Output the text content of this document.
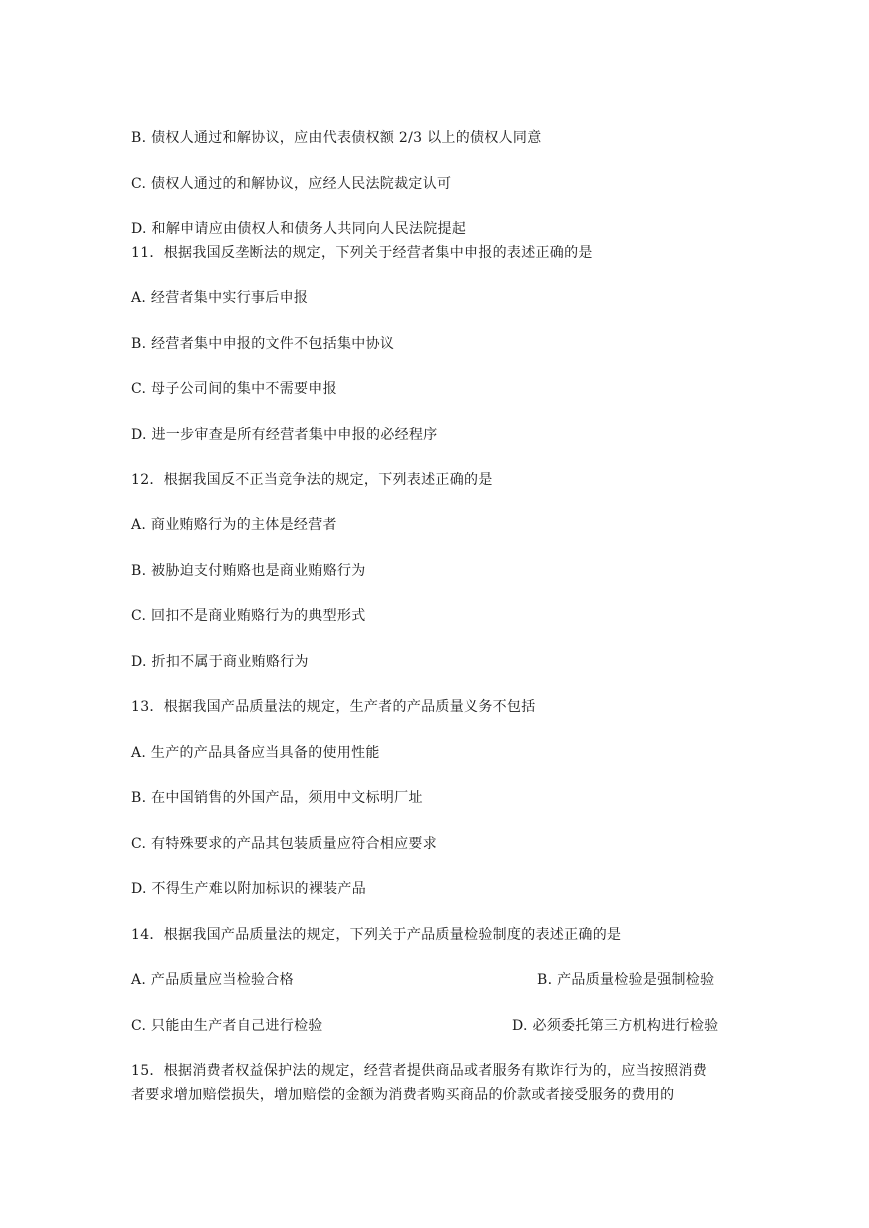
B. 债权人通过和解协议，应由代表债权额 2/3 以上的债权人同意
C. 债权人通过的和解协议，应经人民法院裁定认可
D. 和解申请应由债权人和债务人共同向人民法院提起
11．根据我国反垄断法的规定，下列关于经营者集中申报的表述正确的是
A. 经营者集中实行事后申报
B. 经营者集中申报的文件不包括集中协议
C. 母子公司间的集中不需要申报
D. 进一步审查是所有经营者集中申报的必经程序
12．根据我国反不正当竞争法的规定，下列表述正确的是
A. 商业贿赂行为的主体是经营者
B. 被胁迫支付贿赂也是商业贿赂行为
C. 回扣不是商业贿赂行为的典型形式
D. 折扣不属于商业贿赂行为
13．根据我国产品质量法的规定，生产者的产品质量义务不包括
A. 生产的产品具备应当具备的使用性能
B. 在中国销售的外国产品，须用中文标明厂址
C. 有特殊要求的产品其包装质量应符合相应要求
D. 不得生产难以附加标识的裸装产品
14．根据我国产品质量法的规定，下列关于产品质量检验制度的表述正确的是
A. 产品质量应当检验合格	B. 产品质量检验是强制检验
C. 只能由生产者自己进行检验	D. 必须委托第三方机构进行检验
15．根据消费者权益保护法的规定，经营者提供商品或者服务有欺诈行为的，应当按照消费
者要求增加赔偿损失，增加赔偿的金额为消费者购买商品的价款或者接受服务的费用的
